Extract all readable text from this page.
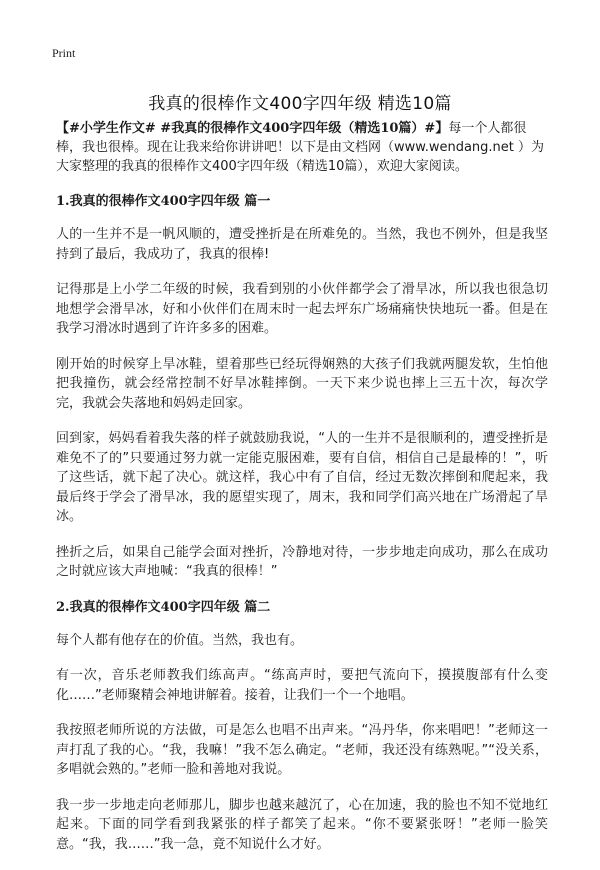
Print
我真的很棒作文400字四年级 精选10篇

【#小学生作文# #我真的很棒作文400字四年级（精选10篇）#】每一个人都很棒，我也很棒。现在让我来给你讲讲吧！以下是由文档网（www.wendang.net ）为大家整理的我真的很棒作文400字四年级（精选10篇），欢迎大家阅读。

1.我真的很棒作文400字四年级 篇一

人的一生并不是一帆风顺的，遭受挫折是在所难免的。当然，我也不例外，但是我坚持到了最后，我成功了，我真的很棒!

记得那是上小学二年级的时候，我看到别的小伙伴都学会了滑旱冰，所以我也很急切地想学会滑旱冰，好和小伙伴们在周末时一起去坪东广场痛痛快快地玩一番。但是在我学习滑冰时遇到了许许多多的困难。

刚开始的时候穿上旱冰鞋，望着那些已经玩得娴熟的大孩子们我就两腿发软，生怕他把我撞伤，就会经常控制不好旱冰鞋摔倒。一天下来少说也摔上三五十次，每次学完，我就会失落地和妈妈走回家。

回到家，妈妈看着我失落的样子就鼓励我说，“人的一生并不是很顺利的，遭受挫折是难免不了的”只要通过努力就一定能克服困难，要有自信，相信自己是最棒的！”，听了这些话，就下起了决心。就这样，我心中有了自信，经过无数次摔倒和爬起来，我最后终于学会了滑旱冰，我的愿望实现了，周末，我和同学们高兴地在广场滑起了旱冰。

挫折之后，如果自己能学会面对挫折，冷静地对待，一步步地走向成功，那么在成功之时就应该大声地喊：“我真的很棒！”

2.我真的很棒作文400字四年级 篇二

每个人都有他存在的价值。当然，我也有。

有一次，音乐老师教我们练高声。“练高声时，要把气流向下，摸摸腹部有什么变化……”老师聚精会神地讲解着。接着，让我们一个一个地唱。

我按照老师所说的方法做，可是怎么也唱不出声来。“冯丹华，你来唱吧！”老师这一声打乱了我的心。“我，我嘛！”我不怎么确定。“老师，我还没有练熟呢。”“没关系，多唱就会熟的。”老师一脸和善地对我说。

我一步一步地走向老师那儿，脚步也越来越沉了，心在加速，我的脸也不知不觉地红起来。下面的同学看到我紧张的样子都笑了起来。“你不要紧张呀！”老师一脸笑意。“我，我……”我一急，竟不知说什么才好。
